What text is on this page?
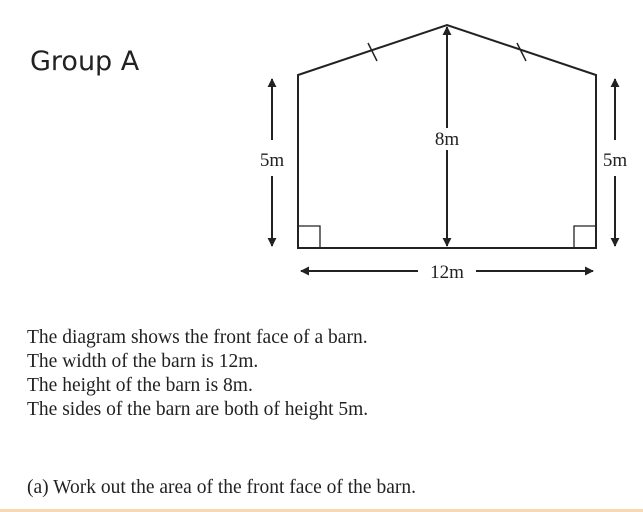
Group A
8m
5m	5m
12m
The diagram shows the front face of a barn.
The width of the barn is 12m.
The height of the barn is 8m.
The sides of the barn are both of height 5m.
(a) Work out the area of the front face of the barn.
